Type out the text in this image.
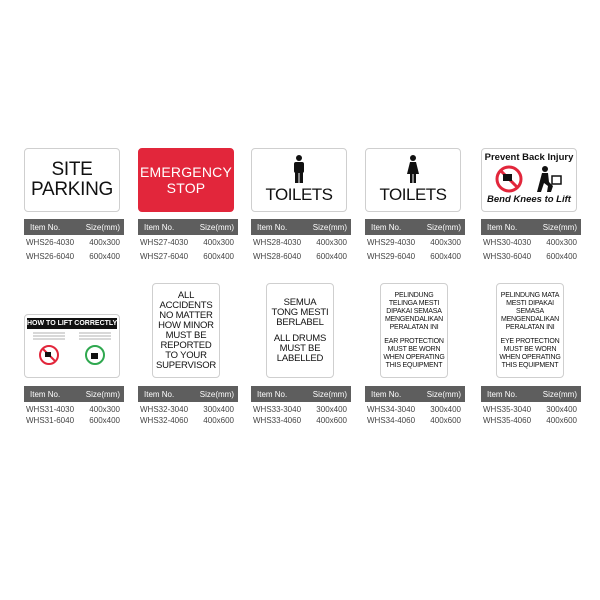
SITE
PARKING
Item No.	Size(mm)
WHS26-4030	400x300
WHS26-6040	600x400
EMERGENCY
STOP
Item No.	Size(mm)
WHS27-4030	400x300
WHS27-6040	600x400
TOILETS
Item No.	Size(mm)
WHS28-4030	400x300
WHS28-6040	600x400
TOILETS
Item No.	Size(mm)
WHS29-4030	400x300
WHS29-6040	600x400
Prevent Back Injury
Bend Knees to Lift
Item No.	Size(mm)
WHS30-4030	400x300
WHS30-6040	600x400
HOW TO LIFT CORRECTLY
Item No.	Size(mm)
WHS31-4030	400x300
WHS31-6040	600x400
ALL
ACCIDENTS
NO MATTER
HOW MINOR
MUST BE
REPORTED
TO YOUR
SUPERVISOR
Item No.	Size(mm)
WHS32-3040	300x400
WHS32-4060	400x600
SEMUA
TONG MESTI
BERLABEL
ALL DRUMS
MUST BE
LABELLED
Item No.	Size(mm)
WHS33-3040	300x400
WHS33-4060	400x600
PELINDUNG
TELINGA MESTI
DIPAKAI SEMASA
MENGENDALIKAN
PERALATAN INI
EAR PROTECTION
MUST BE WORN
WHEN OPERATING
THIS EQUIPMENT
Item No.	Size(mm)
WHS34-3040	300x400
WHS34-4060	400x600
PELINDUNG MATA
MESTI DIPAKAI
SEMASA
MENGENDALIKAN
PERALATAN INI
EYE PROTECTION
MUST BE WORN
WHEN OPERATING
THIS EQUIPMENT
Item No.	Size(mm)
WHS35-3040	300x400
WHS35-4060	400x600
